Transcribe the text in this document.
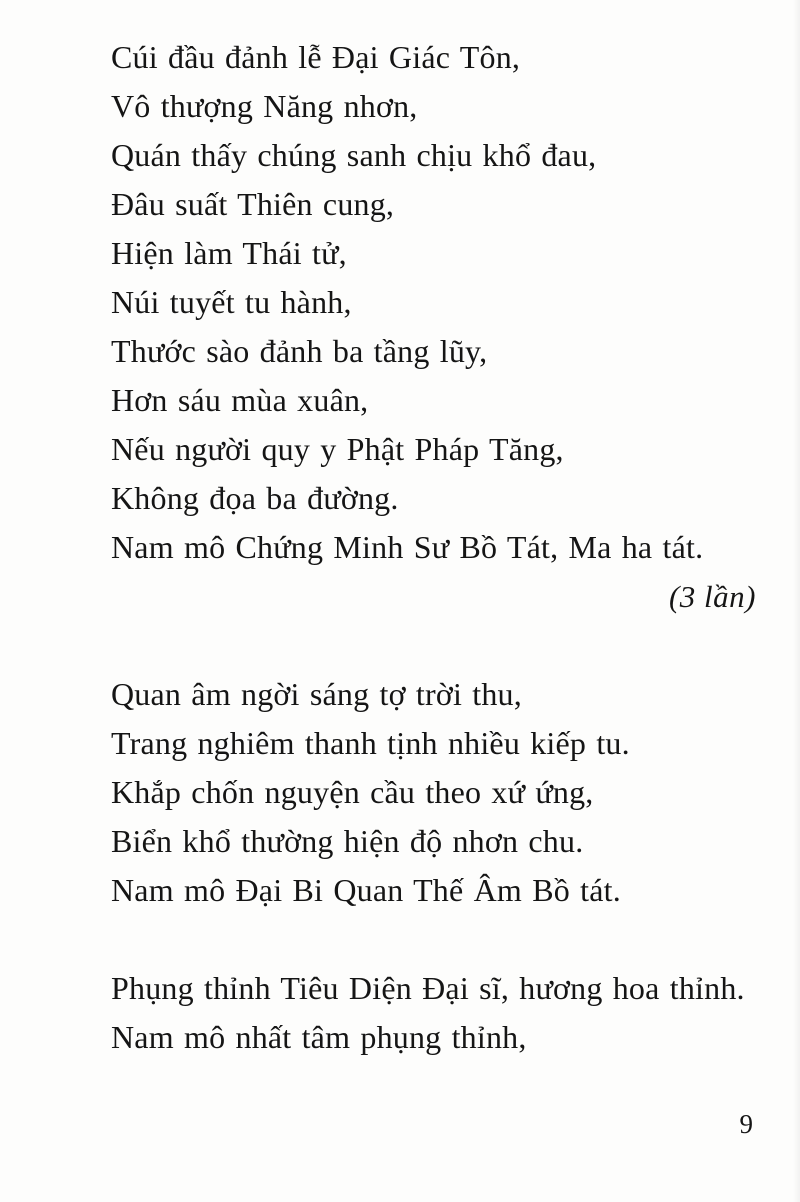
Cúi đầu đảnh lễ Đại Giác Tôn,
Vô thượng Năng nhơn,
Quán thấy chúng sanh chịu khổ đau,
Đâu suất Thiên cung,
Hiện làm Thái tử,
Núi tuyết tu hành,
Thước sào đảnh ba tầng lũy,
Hơn sáu mùa xuân,
Nếu người quy y Phật Pháp Tăng,
Không đọa ba đường.
Nam mô Chứng Minh Sư Bồ Tát, Ma ha tát.
(3 lần)
Quan âm ngời sáng tợ trời thu,
Trang nghiêm thanh tịnh nhiều kiếp tu.
Khắp chốn nguyện cầu theo xứ ứng,
Biển khổ thường hiện độ nhơn chu.
Nam mô Đại Bi Quan Thế Âm Bồ tát.
Phụng thỉnh Tiêu Diện Đại sĩ, hương hoa thỉnh.
Nam mô nhất tâm phụng thỉnh,
9
